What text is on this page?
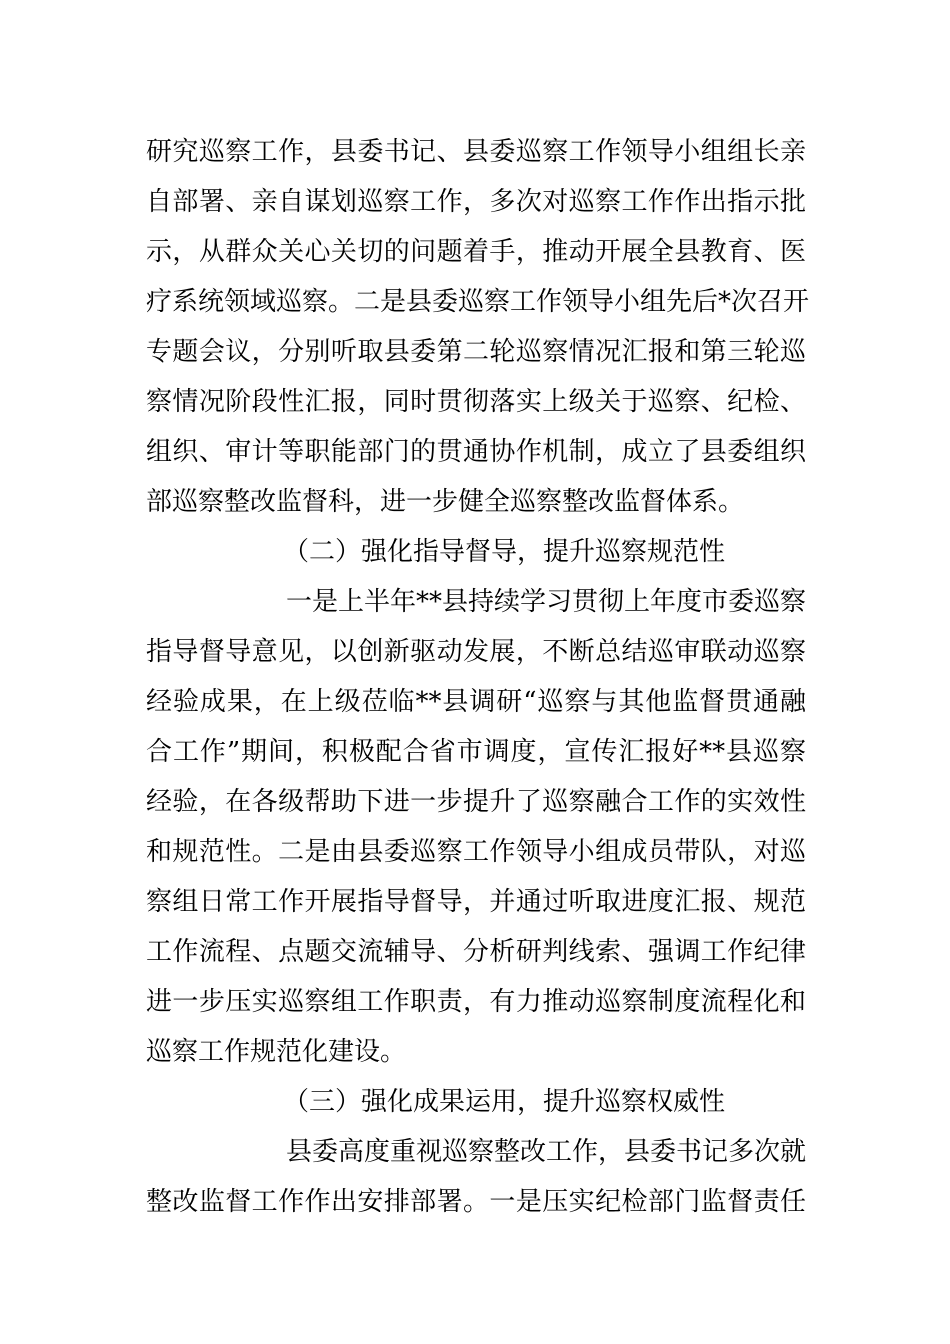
研究巡察工作，县委书记、县委巡察工作领导小组组长亲
自部署、亲自谋划巡察工作，多次对巡察工作作出指示批
示，从群众关心关切的问题着手，推动开展全县教育、医
疗系统领域巡察。二是县委巡察工作领导小组先后*次召开
专题会议，分别听取县委第二轮巡察情况汇报和第三轮巡
察情况阶段性汇报，同时贯彻落实上级关于巡察、纪检、
组织、审计等职能部门的贯通协作机制，成立了县委组织
部巡察整改监督科，进一步健全巡察整改监督体系。
（二）强化指导督导，提升巡察规范性
一是上半年**县持续学习贯彻上年度市委巡察
指导督导意见，以创新驱动发展，不断总结巡审联动巡察
经验成果，在上级莅临**县调研“巡察与其他监督贯通融
合工作”期间，积极配合省市调度，宣传汇报好**县巡察
经验，在各级帮助下进一步提升了巡察融合工作的实效性
和规范性。二是由县委巡察工作领导小组成员带队，对巡
察组日常工作开展指导督导，并通过听取进度汇报、规范
工作流程、点题交流辅导、分析研判线索、强调工作纪律
进一步压实巡察组工作职责，有力推动巡察制度流程化和
巡察工作规范化建设。
（三）强化成果运用，提升巡察权威性
县委高度重视巡察整改工作，县委书记多次就
整改监督工作作出安排部署。一是压实纪检部门监督责任
